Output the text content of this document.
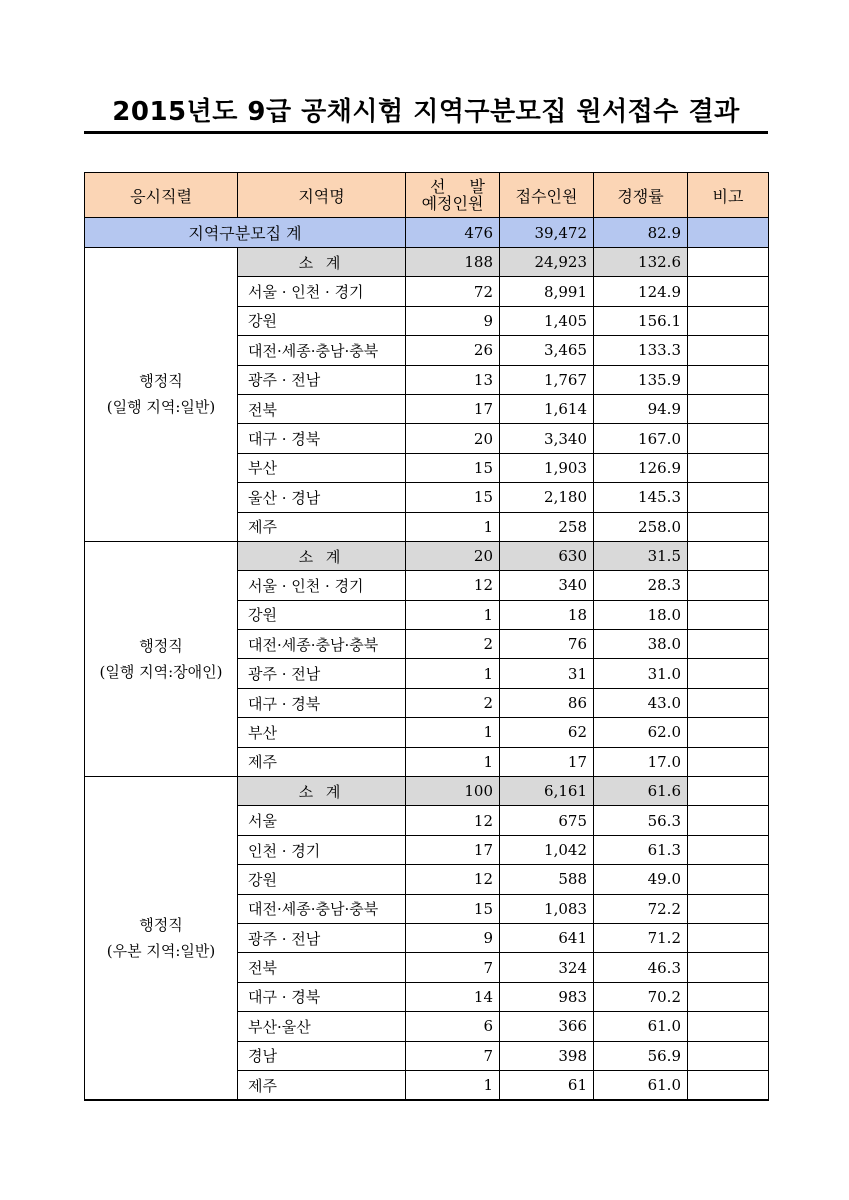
2015년도 9급 공채시험 지역구분모집 원서접수 결과
응시직렬	지역명	선발
예정인원	접수인원	경쟁률	비고
지역구분모집 계		476	39,472	82.9	

행정직
(일행 지역:일반)	소 계	188	24,923	132.6	
	서울 · 인천 · 경기	72	8,991	124.9	
	강원	9	1,405	156.1	
	대전·세종·충남·충북	26	3,465	133.3	
	광주 · 전남	13	1,767	135.9	
	전북	17	1,614	94.9	
	대구 · 경북	20	3,340	167.0	
	부산	15	1,903	126.9	
	울산 · 경남	15	2,180	145.3	
	제주	1	258	258.0	

행정직
(일행 지역:장애인)	소 계	20	630	31.5	
	서울 · 인천 · 경기	12	340	28.3	
	강원	1	18	18.0	
	대전·세종·충남·충북	2	76	38.0	
	광주 · 전남	1	31	31.0	
	대구 · 경북	2	86	43.0	
	부산	1	62	62.0	
	제주	1	17	17.0	

행정직
(우본 지역:일반)	소 계	100	6,161	61.6	
	서울	12	675	56.3	
	인천 · 경기	17	1,042	61.3	
	강원	12	588	49.0	
	대전·세종·충남·충북	15	1,083	72.2	
	광주 · 전남	9	641	71.2	
	전북	7	324	46.3	
	대구 · 경북	14	983	70.2	
	부산·울산	6	366	61.0	
	경남	7	398	56.9	
	제주	1	61	61.0	
